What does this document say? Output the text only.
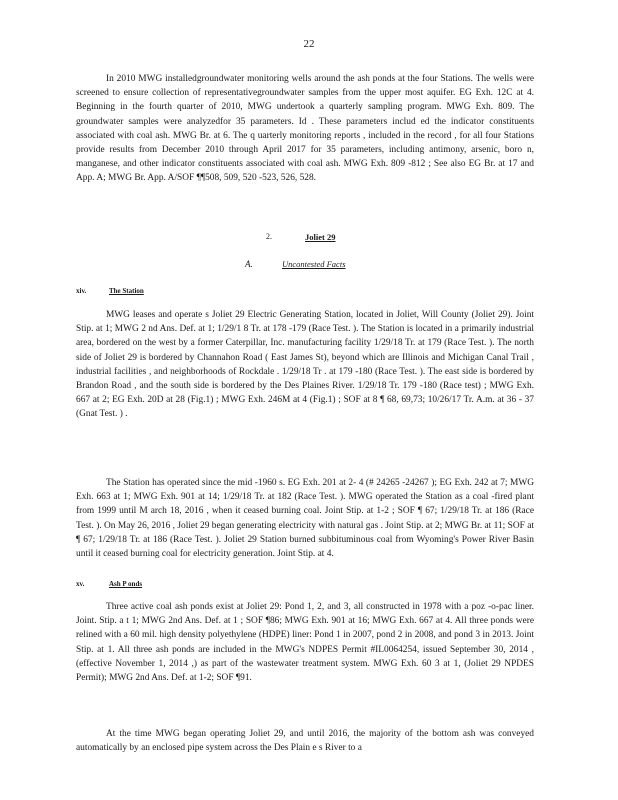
22

In 2010 MWG installedgroundwater monitoring wells around the ash ponds at the four Stations. The wells were screened to ensure collection of representativegroundwater samples from the upper most aquifer. EG Exh. 12C at 4. Beginning in the fourth quarter of 2010, MWG undertook a quarterly sampling program. MWG Exh. 809. The groundwater samples were analyzedfor 35 parameters. Id . These parameters includ ed the indicator constituents associated with coal ash. MWG Br. at 6. The q uarterly monitoring reports , included in the record , for all four Stations provide results from December 2010 through April 2017 for 35 parameters, including antimony, arsenic, boro n, manganese, and other indicator constituents associated with coal ash. MWG Exh. 809 -812 ; See also EG Br. at 17 and App. A; MWG Br. App. A/SOF ¶¶508, 509, 520 -523, 526, 528.

2.	Joliet 29
A.	Uncontested Facts
xiv.	The Station

MWG leases and operate s Joliet 29 Electric Generating Station, located in Joliet, Will County (Joliet 29). Joint Stip. at 1; MWG 2 nd Ans. Def. at 1; 1/29/1 8 Tr. at 178 -179 (Race Test. ). The Station is located in a primarily industrial area, bordered on the west by a former Caterpillar, Inc. manufacturing facility 1/29/18 Tr. at 179 (Race Test. ). The north side of Joliet 29 is bordered by Channahon Road ( East James St), beyond which are Illinois and Michigan Canal Trail , industrial facilities , and neighborhoods of Rockdale . 1/29/18 Tr . at 179 -180 (Race Test. ). The east side is bordered by Brandon Road , and the south side is bordered by the Des Plaines River. 1/29/18 Tr. 179 -180 (Race test) ; MWG Exh. 667 at 2; EG Exh. 20D at 28 (Fig.1) ; MWG Exh. 246M at 4 (Fig.1) ; SOF at 8 ¶ 68, 69,73; 10/26/17 Tr. A.m. at 36 - 37 (Gnat Test. ) .

The Station has operated since the mid -1960 s. EG Exh. 201 at 2- 4 (# 24265 -24267 ); EG Exh. 242 at 7; MWG Exh. 663 at 1; MWG Exh. 901 at 14; 1/29/18 Tr. at 182 (Race Test. ). MWG operated the Station as a coal -fired plant from 1999 until M arch 18, 2016 , when it ceased burning coal. Joint Stip. at 1-2 ; SOF ¶ 67; 1/29/18 Tr. at 186 (Race Test. ). On May 26, 2016 , Joliet 29 began generating electricity with natural gas . Joint Stip. at 2; MWG Br. at 11; SOF at ¶ 67; 1/29/18 Tr. at 186 (Race Test. ). Joliet 29 Station burned subbituminous coal from Wyoming's Power River Basin until it ceased burning coal for electricity generation. Joint Stip. at 4.

xv.	Ash P onds

Three active coal ash ponds exist at Joliet 29: Pond 1, 2, and 3, all constructed in 1978 with a poz -o-pac liner. Joint. Stip. a t 1; MWG 2nd Ans. Def. at 1 ; SOF ¶86; MWG Exh. 901 at 16; MWG Exh. 667 at 4. All three ponds were relined with a 60 mil. high density polyethylene (HDPE) liner: Pond 1 in 2007, pond 2 in 2008, and pond 3 in 2013. Joint Stip. at 1. All three ash ponds are included in the MWG's NDPES Permit #IL0064254, issued September 30, 2014 , (effective November 1, 2014 ,) as part of the wastewater treatment system. MWG Exh. 60 3 at 1, (Joliet 29 NPDES Permit); MWG 2nd Ans. Def. at 1-2; SOF ¶91.

At the time MWG began operating Joliet 29, and until 2016, the majority of the bottom ash was conveyed automatically by an enclosed pipe system across the Des Plain e s River to a
